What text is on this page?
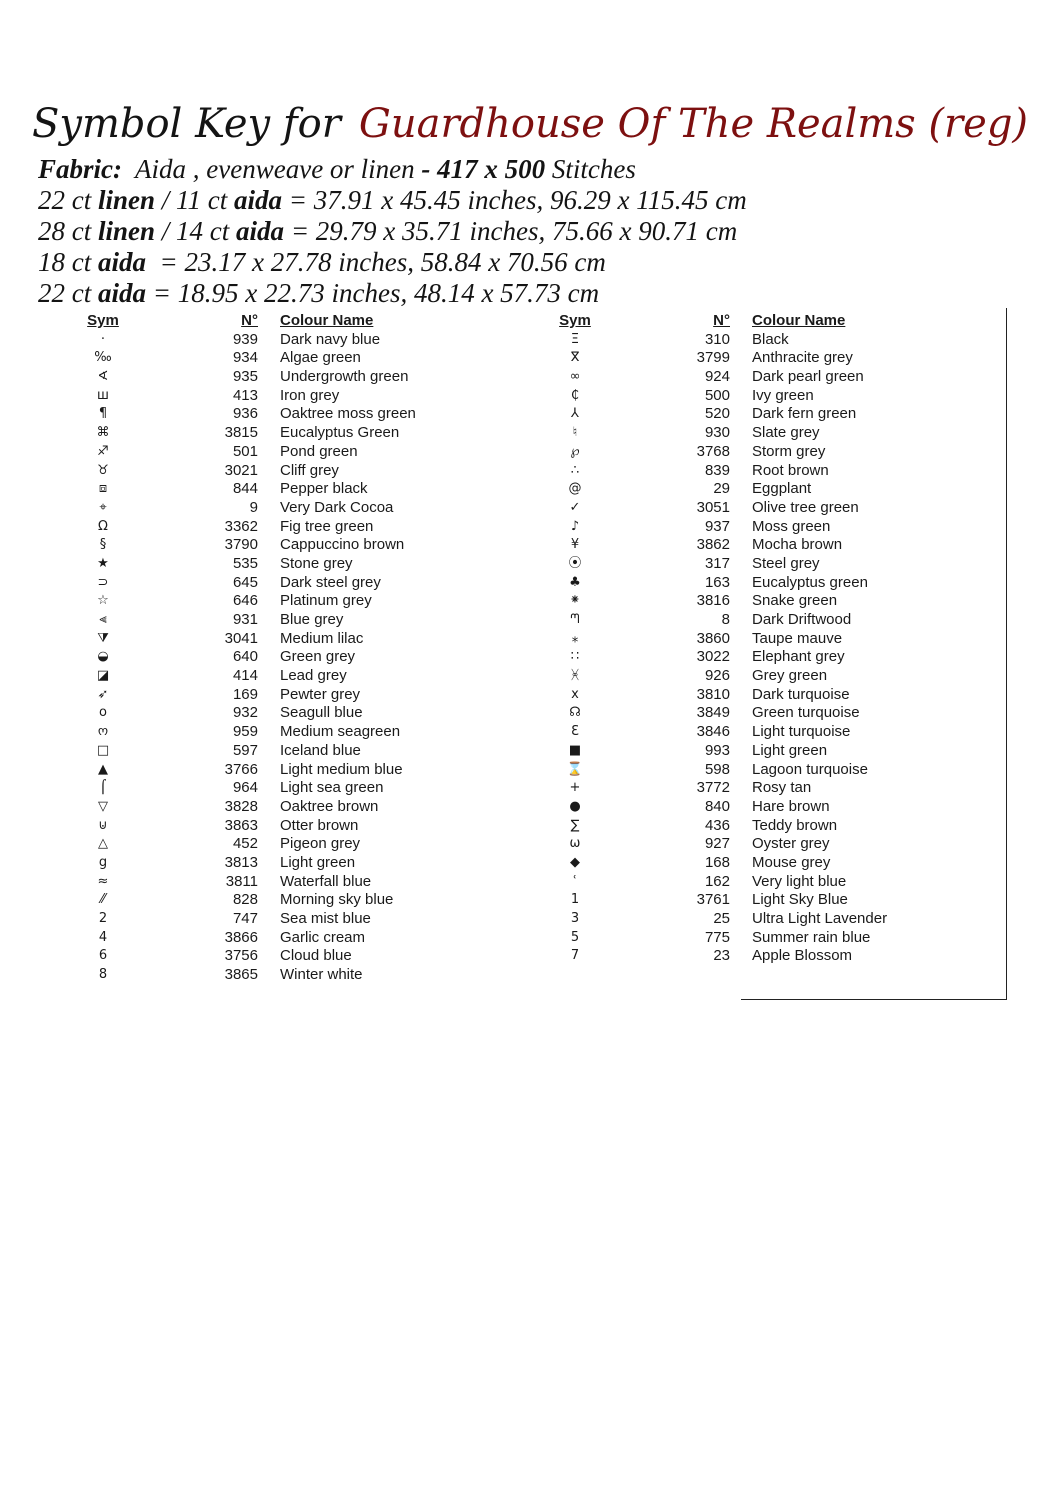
Symbol Key for Guardhouse Of The Realms (reg)
Fabric: Aida , evenweave or linen - 417 x 500 Stitches
22 ct linen / 11 ct aida = 37.91 x 45.45 inches, 96.29 x 115.45 cm
28 ct linen / 14 ct aida = 29.79 x 35.71 inches, 75.66 x 90.71 cm
18 ct aida  = 23.17 x 27.78 inches, 58.84 x 70.56 cm
22 ct aida = 18.95 x 22.73 inches, 48.14 x 57.73 cm
Sym	N° Colour Name
·	939 Dark navy blue
‰	934 Algae green
∢	935 Undergrowth green
ш	413 Iron grey
¶	936 Oaktree moss green
⌘	3815 Eucalyptus Green
♐	501 Pond green
♉	3021 Cliff grey
⧈	844 Pepper black
⌖	9 Very Dark Cocoa
Ω	3362 Fig tree green
§	3790 Cappuccino brown
★	535 Stone grey
⊃	645 Dark steel grey
☆	646 Platinum grey
⫷	931 Blue grey
⧩	3041 Medium lilac
◒	640 Green grey
◪	414 Lead grey
➶	169 Pewter grey
o	932 Seagull blue
ო	959 Medium seagreen
□	597 Iceland blue
▲	3766 Light medium blue
⌠	964 Light sea green
▽	3828 Oaktree brown
⊍	3863 Otter brown
△	452 Pigeon grey
g	3813 Light green
≈	3811 Waterfall blue
⁄⁄	828 Morning sky blue
2	747 Sea mist blue
4	3866 Garlic cream
6	3756 Cloud blue
8	3865 Winter white
Sym	N° Colour Name
Ξ	310 Black
ⴳ	3799 Anthracite grey
∞	924 Dark pearl green
₵	500 Ivy green
⅄	520 Dark fern green
♮	930 Slate grey
℘	3768 Storm grey
∴	839 Root brown
@	29 Eggplant
✓	3051 Olive tree green
♪	937 Moss green
¥	3862 Mocha brown
⦿	317 Steel grey
♣	163 Eucalyptus green
⁕	3816 Snake green
ᘉ	8 Dark Driftwood
⁎	3860 Taupe mauve
∷	3022 Elephant grey
ᚸ	926 Grey green
x	3810 Dark turquoise
☊	3849 Green turquoise
Ɛ	3846 Light turquoise
■	993 Light green
⌛	598 Lagoon turquoise
+	3772 Rosy tan
●	840 Hare brown
∑	436 Teddy brown
ω	927 Oyster grey
◆	168 Mouse grey
ʿ	162 Very light blue
1	3761 Light Sky Blue
3	25 Ultra Light Lavender
5	775 Summer rain blue
7	23 Apple Blossom
